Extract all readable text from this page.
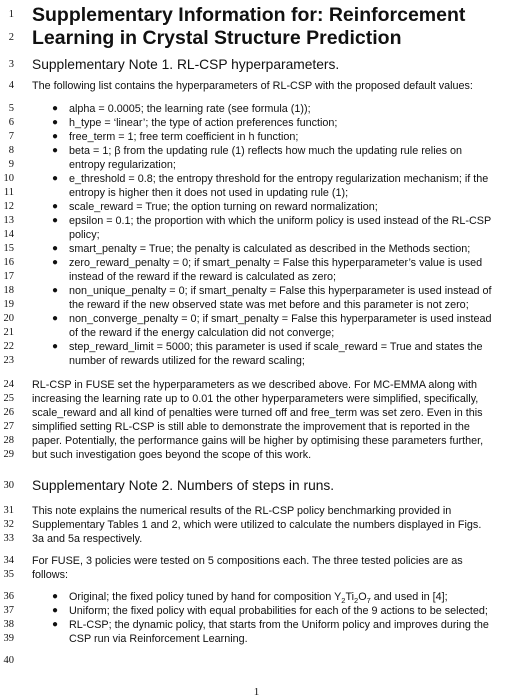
1
2
3
4
5
6
7
8
9
10
11
12
13
14
15
16
17
18
19
20
21
22
23
24
25
26
27
28
29
30
31
32
33
34
35
36
37
38
39
40
Supplementary Information for: Reinforcement
Learning in Crystal Structure Prediction
Supplementary Note 1. RL-CSP hyperparameters.
The following list contains the hyperparameters of RL-CSP with the proposed default values:
● alpha = 0.0005; the learning rate (see formula (1));
● h_type = ‘linear’; the type of action preferences function;
● free_term = 1; free term coefficient in h function;
● beta = 1; β from the updating rule (1) reflects how much the updating rule relies on
entropy regularization;
● e_threshold = 0.8; the entropy threshold for the entropy regularization mechanism; if the
entropy is higher then it does not used in updating rule (1);
● scale_reward = True; the option turning on reward normalization;
● epsilon = 0.1; the proportion with which the uniform policy is used instead of the RL-CSP
policy;
● smart_penalty = True; the penalty is calculated as described in the Methods section;
● zero_reward_penalty = 0; if smart_penalty = False this hyperparameter’s value is used
instead of the reward if the reward is calculated as zero;
● non_unique_penalty = 0; if smart_penalty = False this hyperparameter is used instead of
the reward if the new observed state was met before and this parameter is not zero;
● non_converge_penalty = 0; if smart_penalty = False this hyperparameter is used instead
of the reward if the energy calculation did not converge;
● step_reward_limit = 5000; this parameter is used if scale_reward = True and states the
number of rewards utilized for the reward scaling;
RL-CSP in FUSE set the hyperparameters as we described above. For MC-EMMA along with
increasing the learning rate up to 0.01 the other hyperparameters were simplified, specifically,
scale_reward and all kind of penalties were turned off and free_term was set zero. Even in this
simplified setting RL-CSP is still able to demonstrate the improvement that is reported in the
paper. Potentially, the performance gains will be higher by optimising these parameters further,
but such investigation goes beyond the scope of this work.
Supplementary Note 2. Numbers of steps in runs.
This note explains the numerical results of the RL-CSP policy benchmarking provided in
Supplementary Tables 1 and 2, which were utilized to calculate the numbers displayed in Figs.
3a and 5a respectively.
For FUSE, 3 policies were tested on 5 compositions each. The three tested policies are as
follows:
● Original; the fixed policy tuned by hand for composition $Y_2Ti_2O_7$ and used in [4];
● Uniform; the fixed policy with equal probabilities for each of the 9 actions to be selected;
● RL-CSP; the dynamic policy, that starts from the Uniform policy and improves during the
CSP run via Reinforcement Learning.
1
